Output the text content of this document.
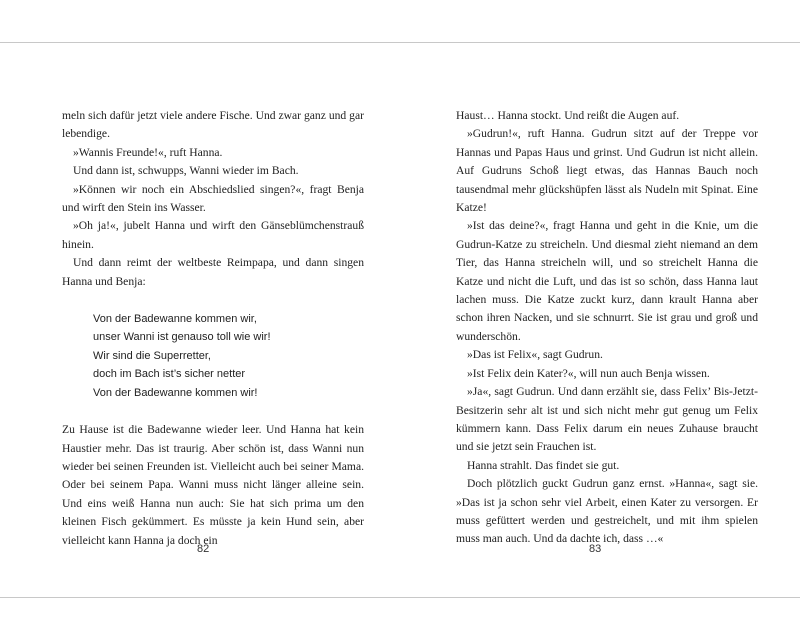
meln sich dafür jetzt viele andere Fische. Und zwar ganz und gar lebendige.

»Wannis Freunde!«, ruft Hanna.

Und dann ist, schwupps, Wanni wieder im Bach.

»Können wir noch ein Abschiedslied singen?«, fragt Benja und wirft den Stein ins Wasser.

»Oh ja!«, jubelt Hanna und wirft den Gänseblümchenstrauß hinein.

Und dann reimt der weltbeste Reimpapa, und dann singen Hanna und Benja:

Von der Badewanne kommen wir,
unser Wanni ist genauso toll wie wir!
Wir sind die Superretter,
doch im Bach ist’s sicher netter
Von der Badewanne kommen wir!

Zu Hause ist die Badewanne wieder leer. Und Hanna hat kein Haustier mehr. Das ist traurig. Aber schön ist, dass Wanni nun wieder bei seinen Freunden ist. Vielleicht auch bei seiner Mama. Oder bei seinem Papa. Wanni muss nicht länger alleine sein. Und eins weiß Hanna nun auch: Sie hat sich prima um den kleinen Fisch gekümmert. Es müsste ja kein Hund sein, aber vielleicht kann Hanna ja doch ein

82

Haust… Hanna stockt. Und reißt die Augen auf.

»Gudrun!«, ruft Hanna. Gudrun sitzt auf der Treppe vor Hannas und Papas Haus und grinst. Und Gudrun ist nicht allein. Auf Gudruns Schoß liegt etwas, das Hannas Bauch noch tausendmal mehr glückshüpfen lässt als Nudeln mit Spinat. Eine Katze!

»Ist das deine?«, fragt Hanna und geht in die Knie, um die Gudrun-Katze zu streicheln. Und diesmal zieht niemand an dem Tier, das Hanna streicheln will, und so streichelt Hanna die Katze und nicht die Luft, und das ist so schön, dass Hanna laut lachen muss. Die Katze zuckt kurz, dann krault Hanna aber schon ihren Nacken, und sie schnurrt. Sie ist grau und groß und wunderschön.

»Das ist Felix«, sagt Gudrun.

»Ist Felix dein Kater?«, will nun auch Benja wissen.

»Ja«, sagt Gudrun. Und dann erzählt sie, dass Felix’ Bis-Jetzt-Besitzerin sehr alt ist und sich nicht mehr gut genug um Felix kümmern kann. Dass Felix darum ein neues Zuhause braucht und sie jetzt sein Frauchen ist.

Hanna strahlt. Das findet sie gut.

Doch plötzlich guckt Gudrun ganz ernst. »Hanna«, sagt sie. »Das ist ja schon sehr viel Arbeit, einen Kater zu versorgen. Er muss gefüttert werden und gestreichelt, und mit ihm spielen muss man auch. Und da dachte ich, dass …«

83
